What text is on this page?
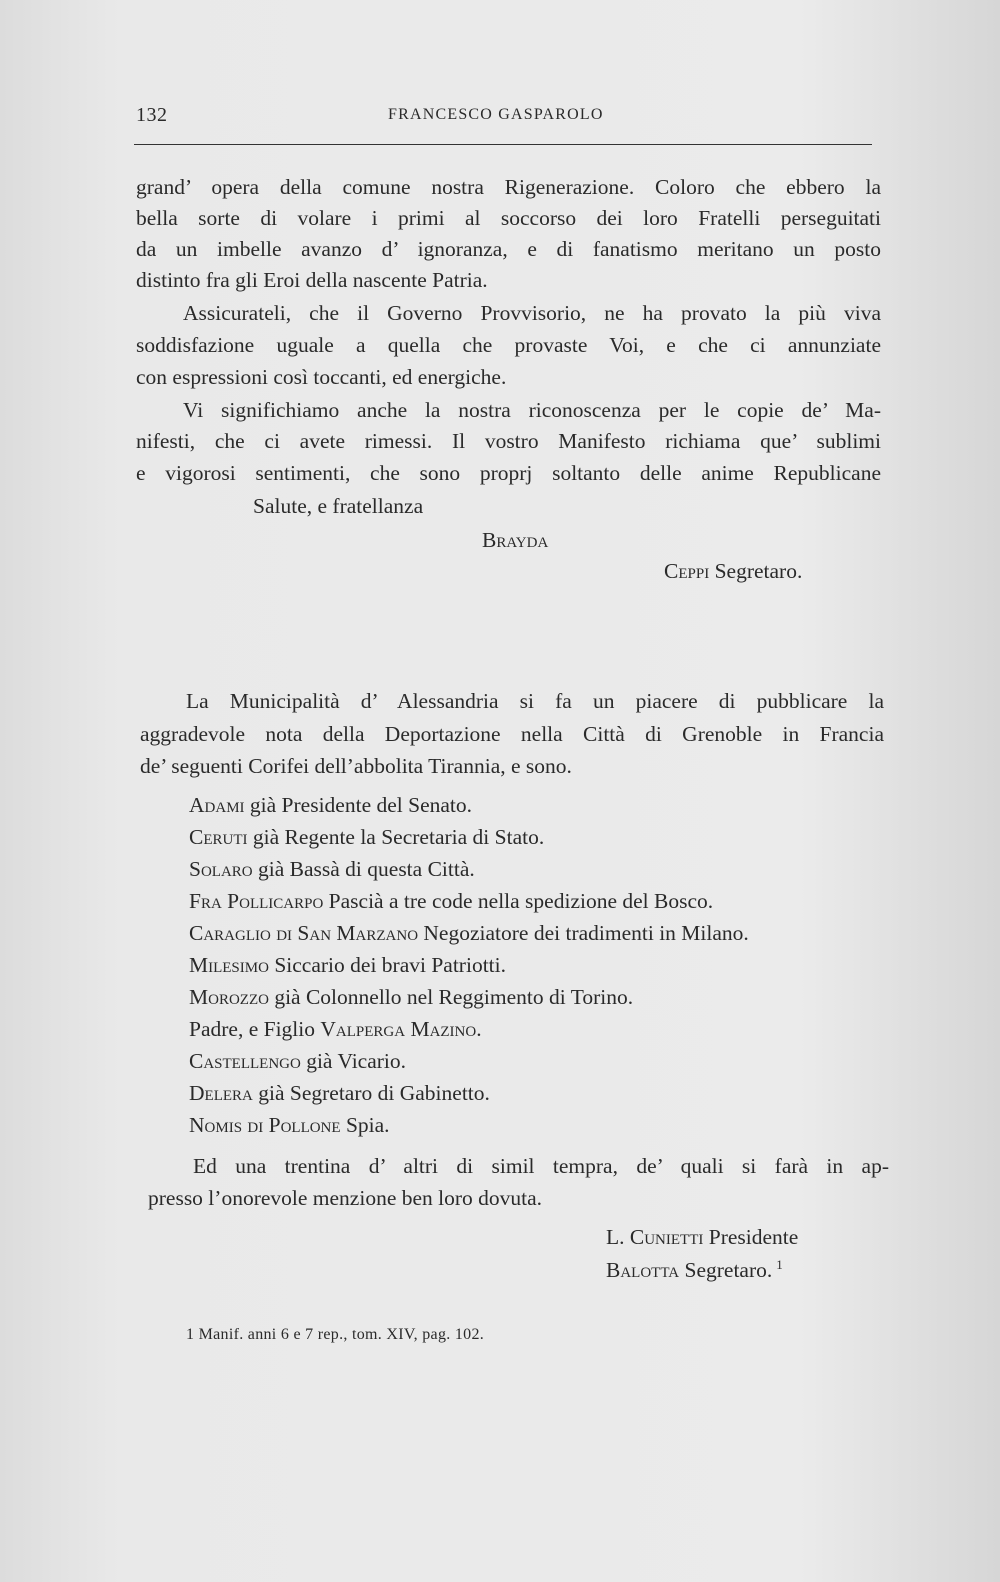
132	FRANCESCO GASPAROLO
grand’ opera della comune nostra Rigenerazione. Coloro che ebbero la
bella sorte di volare i primi al soccorso dei loro Fratelli perseguitati
da un imbelle avanzo d’ ignoranza, e di fanatismo meritano un posto
distinto fra gli Eroi della nascente Patria.
Assicurateli, che il Governo Provvisorio, ne ha provato la più viva
soddisfazione uguale a quella che provaste Voi, e che ci annunziate
con espressioni così toccanti, ed energiche.
Vi significhiamo anche la nostra riconoscenza per le copie de’ Ma-
nifesti, che ci avete rimessi. Il vostro Manifesto richiama que’ sublimi
e vigorosi sentimenti, che sono proprj soltanto delle anime Republicane
Salute, e fratellanza
Brayda
Ceppi Segretaro.
La Municipalità d’ Alessandria si fa un piacere di pubblicare la
aggradevole nota della Deportazione nella Città di Grenoble in Francia
de’ seguenti Corifei dell’abbolita Tirannia, e sono.
Adami già Presidente del Senato.
Ceruti già Regente la Secretaria di Stato.
Solaro già Bassà di questa Città.
Fra Pollicarpo Pascià a tre code nella spedizione del Bosco.
Caraglio di San Marzano Negoziatore dei tradimenti in Milano.
Milesimo Siccario dei bravi Patriotti.
Morozzo già Colonnello nel Reggimento di Torino.
Padre, e Figlio Valperga Mazino.
Castellengo già Vicario.
Delera già Segretaro di Gabinetto.
Nomis di Pollone Spia.
Ed una trentina d’ altri di simil tempra, de’ quali si farà in ap-
presso l’onorevole menzione ben loro dovuta.
L. Cunietti Presidente
Balotta Segretaro. $^1$
1 Manif. anni 6 e 7 rep., tom. XIV, pag. 102.
